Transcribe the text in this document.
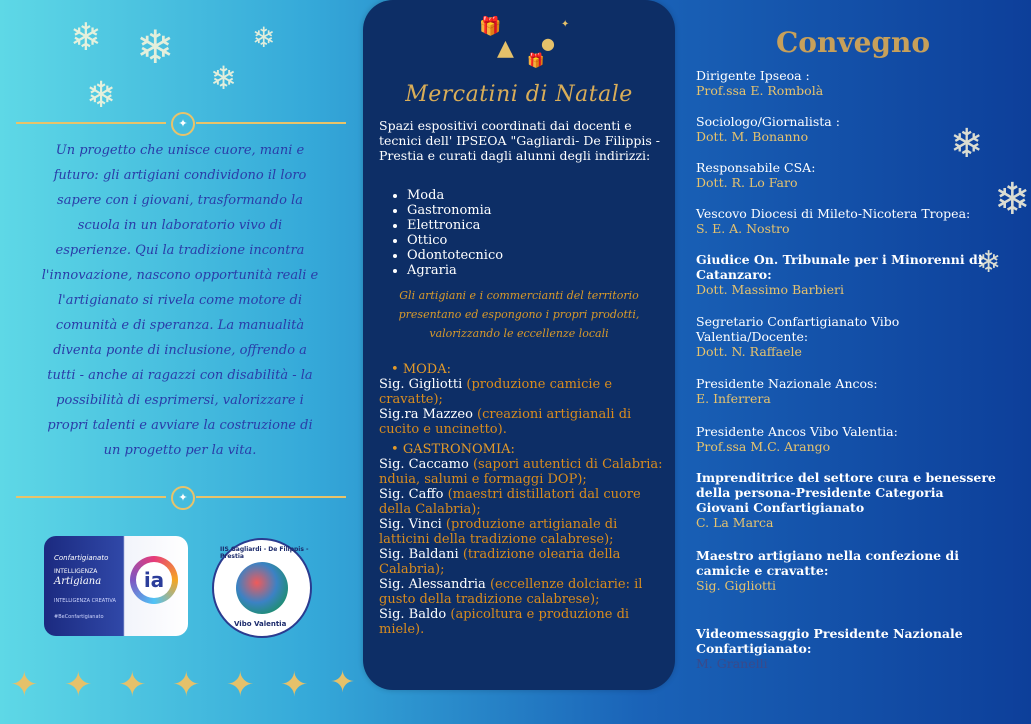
❄ ❄	❄
❄	❄
✦
Un progetto che unisce cuore, mani e futuro: gli artigiani condividono il loro sapere con i giovani, trasformando la scuola in un laboratorio vivo di esperienze. Qui la tradizione incontra l'innovazione, nascono opportunità reali e l'artigianato si rivela come motore di comunità e di speranza. La manualità diventa ponte di inclusione, offrendo a tutti - anche ai ragazzi con disabilità - la possibilità di esprimersi, valorizzare i propri talenti e avviare la costruzione di un progetto per la vita.
✦
Confartigianato
INTELLIGENZA
Artigiana
INTELLIGENZA CREATIVA
#BeConfartigianato
ia
IIS Gagliardi - De Filippis - Prestia
Vibo Valentia
✦ ✦ ✦ ✦ ✦ ✦ ✦
🎁
▲ 🎁
●
✦
Mercatini di Natale
Spazi espositivi coordinati dai docenti e tecnici dell' IPSEOA "Gagliardi- De Filippis -Prestia e curati dagli alunni degli indirizzi:
• Moda
• Gastronomia
• Elettronica
• Ottico
• Odontotecnico
• Agraria
Gli artigiani e i commercianti del territorio presentano ed espongono i propri prodotti, valorizzando le eccellenze locali
• MODA:
Sig. Gigliotti (produzione camicie e cravatte);
Sig.ra Mazzeo (creazioni artigianali di cucito e uncinetto).
• GASTRONOMIA:
Sig. Caccamo (sapori autentici di Calabria: nduia, salumi e formaggi DOP);
Sig. Caffo (maestri distillatori dal cuore della Calabria);
Sig. Vinci (produzione artigianale di latticini della tradizione calabrese);
Sig. Baldani (tradizione olearia della Calabria);
Sig. Alessandria (eccellenze dolciarie: il gusto della tradizione calabrese);
Sig. Baldo (apicoltura e produzione di miele).
Convegno
❄
❄
❄
Dirigente Ipseoa :
Prof.ssa E. Rombolà
Sociologo/Giornalista :
Dott. M. Bonanno
Responsabile CSA:
Dott. R. Lo Faro
Vescovo Diocesi di Mileto-Nicotera Tropea:
S. E. A. Nostro
Giudice On. Tribunale per i Minorenni di Catanzaro:
Dott. Massimo Barbieri
Segretario Confartigianato Vibo Valentia/Docente:
Dott. N. Raffaele
Presidente Nazionale Ancos:
E. Inferrera
Presidente Ancos Vibo Valentia:
Prof.ssa M.C. Arango
Imprenditrice del settore cura e benessere della persona-Presidente Categoria Giovani Confartigianato
C. La Marca
Maestro artigiano nella confezione di camicie e cravatte:
Sig. Gigliotti
Videomessaggio Presidente Nazionale Confartigianato:
M. Granelli
